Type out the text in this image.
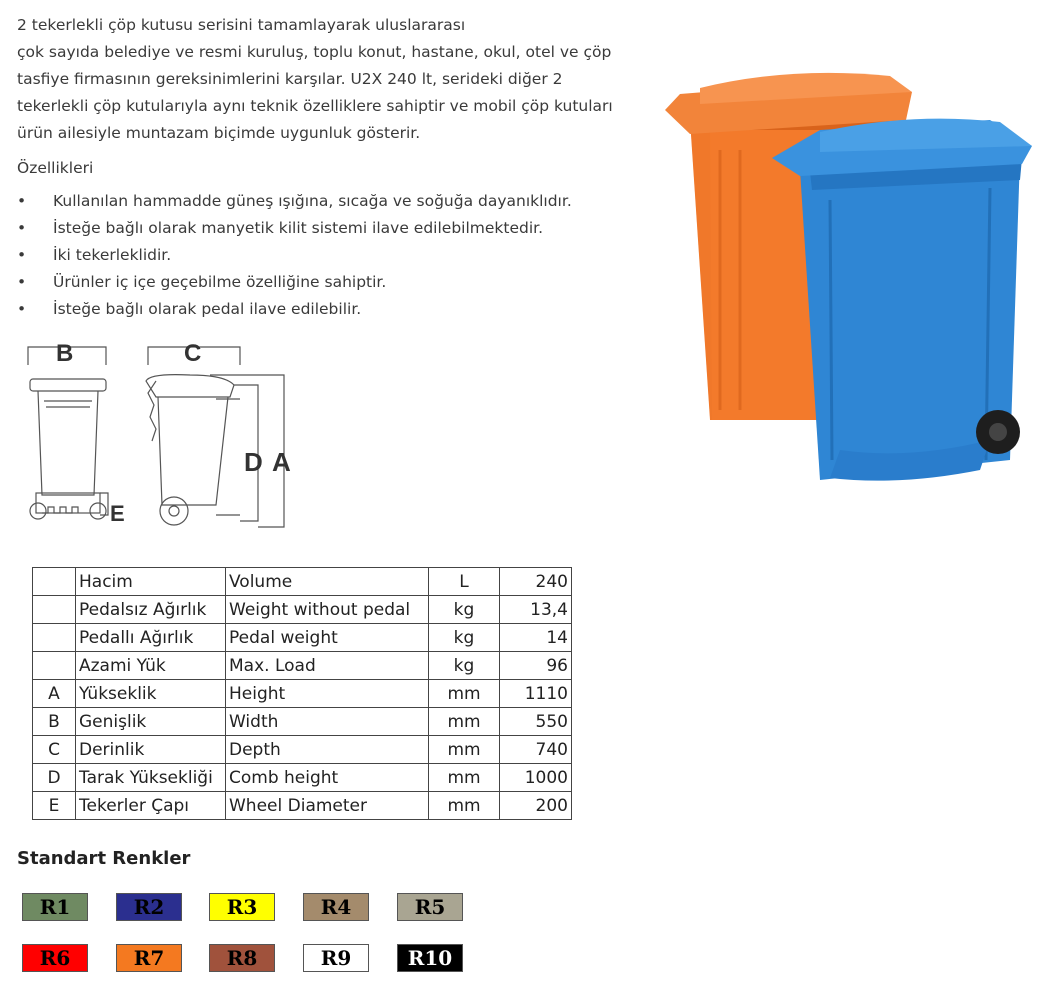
2 tekerlekli çöp kutusu serisini tamamlayarak uluslararası

çok sayıda belediye ve resmi kuruluş, toplu konut, hastane, okul, otel ve çöp

tasfiye firmasının gereksinimlerini karşılar. U2X 240 lt, serideki diğer 2

tekerlekli çöp kutularıyla aynı teknik özelliklere sahiptir ve mobil çöp kutuları

ürün ailesiyle muntazam biçimde uygunluk gösterir.

Özellikleri
• Kullanılan hammadde güneş ışığına, sıcağa ve soğuğa dayanıklıdır.
• İsteğe bağlı olarak manyetik kilit sistemi ilave edilebilmektedir.
• İki tekerleklidir.
• Ürünler iç içe geçebilme özelliğine sahiptir.
• İsteğe bağlı olarak pedal ilave edilebilir.
B	C
D A
E
	Hacim	Volume	L	240
	Pedalsız Ağırlık	Weight without pedal	kg	13,4
	Pedallı Ağırlık	Pedal weight	kg	14
	Azami Yük	Max. Load	kg	96
A	Yükseklik	Height	mm	1110
B	Genişlik	Width	mm	550
C	Derinlik	Depth	mm	740
D	Tarak Yüksekliği	Comb height	mm	1000
E	Tekerler Çapı	Wheel Diameter	mm	200
Standart Renkler
R1	R2	R3	R4	R5
R6	R7	R8	R9	R10
